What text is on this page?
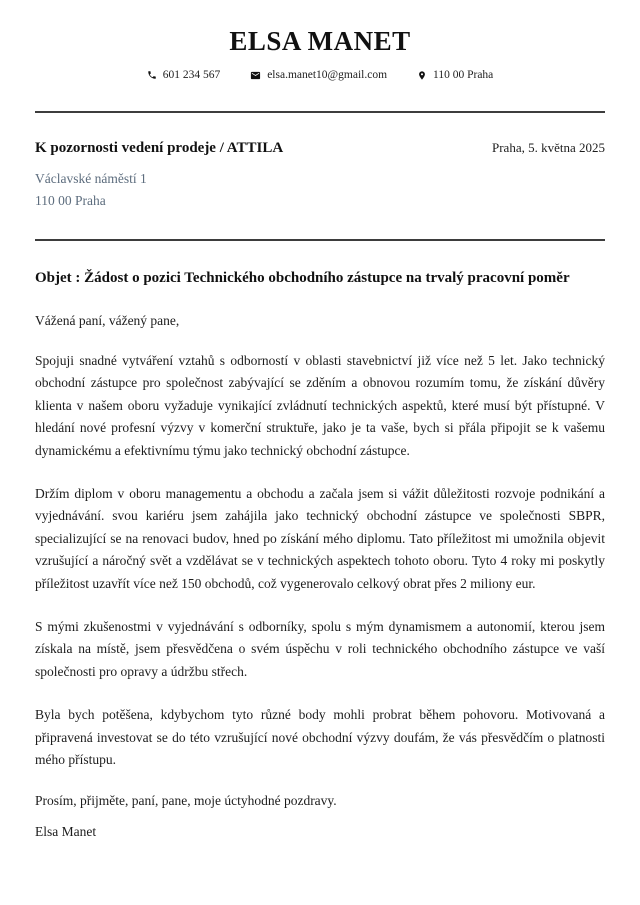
ELSA MANET
601 234 567	elsa.manet10@gmail.com	110 00 Praha
K pozornosti vedení prodeje / ATTILA	Praha, 5. května 2025
Václavské náměstí 1
110 00 Praha
Objet : Žádost o pozici Technického obchodního zástupce na trvalý pracovní poměr
Vážená paní, vážený pane,

Spojuji snadné vytváření vztahů s odborností v oblasti stavebnictví již více než 5 let. Jako technický obchodní zástupce pro společnost zabývající se zděním a obnovou rozumím tomu, že získání důvěry klienta v našem oboru vyžaduje vynikající zvládnutí technických aspektů, které musí být přístupné. V hledání nové profesní výzvy v komerční struktuře, jako je ta vaše, bych si přála připojit se k vašemu dynamickému a efektivnímu týmu jako technický obchodní zástupce.

Držím diplom v oboru managementu a obchodu a začala jsem si vážit důležitosti rozvoje podnikání a vyjednávání. svou kariéru jsem zahájila jako technický obchodní zástupce ve společnosti SBPR, specializující se na renovaci budov, hned po získání mého diplomu. Tato příležitost mi umožnila objevit vzrušující a náročný svět a vzdělávat se v technických aspektech tohoto oboru. Tyto 4 roky mi poskytly příležitost uzavřít více než 150 obchodů, což vygenerovalo celkový obrat přes 2 miliony eur.

S mými zkušenostmi v vyjednávání s odborníky, spolu s mým dynamismem a autonomií, kterou jsem získala na místě, jsem přesvědčena o svém úspěchu v roli technického obchodního zástupce ve vaší společnosti pro opravy a údržbu střech.

Byla bych potěšena, kdybychom tyto různé body mohli probrat během pohovoru. Motivovaná a připravená investovat se do této vzrušující nové obchodní výzvy doufám, že vás přesvědčím o platnosti mého přístupu.

Prosím, přijměte, paní, pane, moje úctyhodné pozdravy.

Elsa Manet
